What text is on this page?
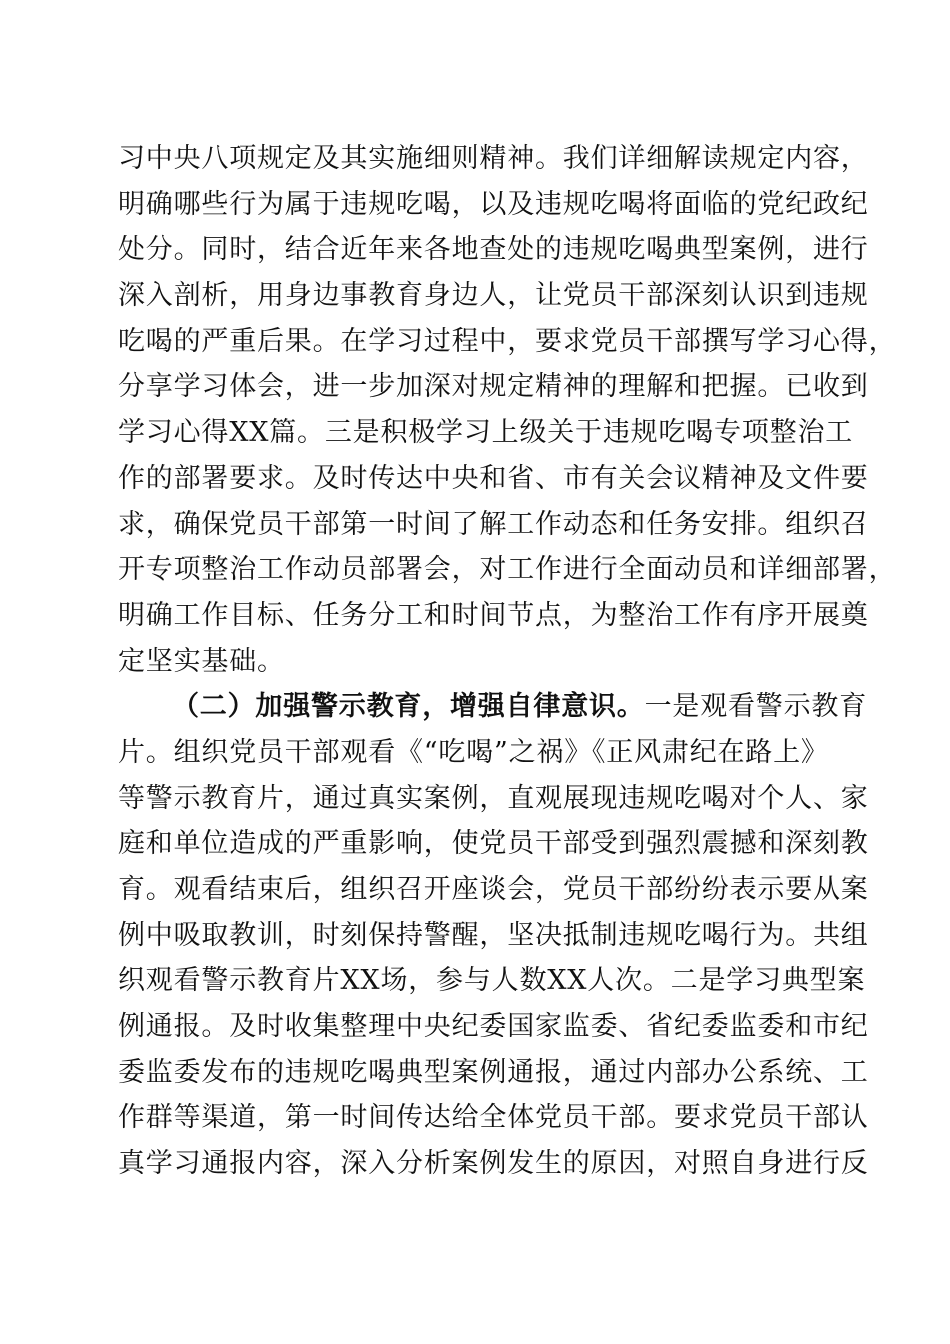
习中央八项规定及其实施细则精神。我们详细解读规定内容，
明确哪些行为属于违规吃喝，以及违规吃喝将面临的党纪政纪
处分。同时，结合近年来各地查处的违规吃喝典型案例，进行
深入剖析，用身边事教育身边人，让党员干部深刻认识到违规
吃喝的严重后果。在学习过程中，要求党员干部撰写学习心得，
分享学习体会，进一步加深对规定精神的理解和把握。已收到
学习心得XX篇。三是积极学习上级关于违规吃喝专项整治工
作的部署要求。及时传达中央和省、市有关会议精神及文件要
求，确保党员干部第一时间了解工作动态和任务安排。组织召
开专项整治工作动员部署会，对工作进行全面动员和详细部署，
明确工作目标、任务分工和时间节点，为整治工作有序开展奠
定坚实基础。
（二）加强警示教育，增强自律意识。一是观看警示教育
片。组织党员干部观看《“吃喝”之祸》《正风肃纪在路上》
等警示教育片，通过真实案例，直观展现违规吃喝对个人、家
庭和单位造成的严重影响，使党员干部受到强烈震撼和深刻教
育。观看结束后，组织召开座谈会，党员干部纷纷表示要从案
例中吸取教训，时刻保持警醒，坚决抵制违规吃喝行为。共组
织观看警示教育片XX场，参与人数XX人次。二是学习典型案
例通报。及时收集整理中央纪委国家监委、省纪委监委和市纪
委监委发布的违规吃喝典型案例通报，通过内部办公系统、工
作群等渠道，第一时间传达给全体党员干部。要求党员干部认
真学习通报内容，深入分析案例发生的原因，对照自身进行反
